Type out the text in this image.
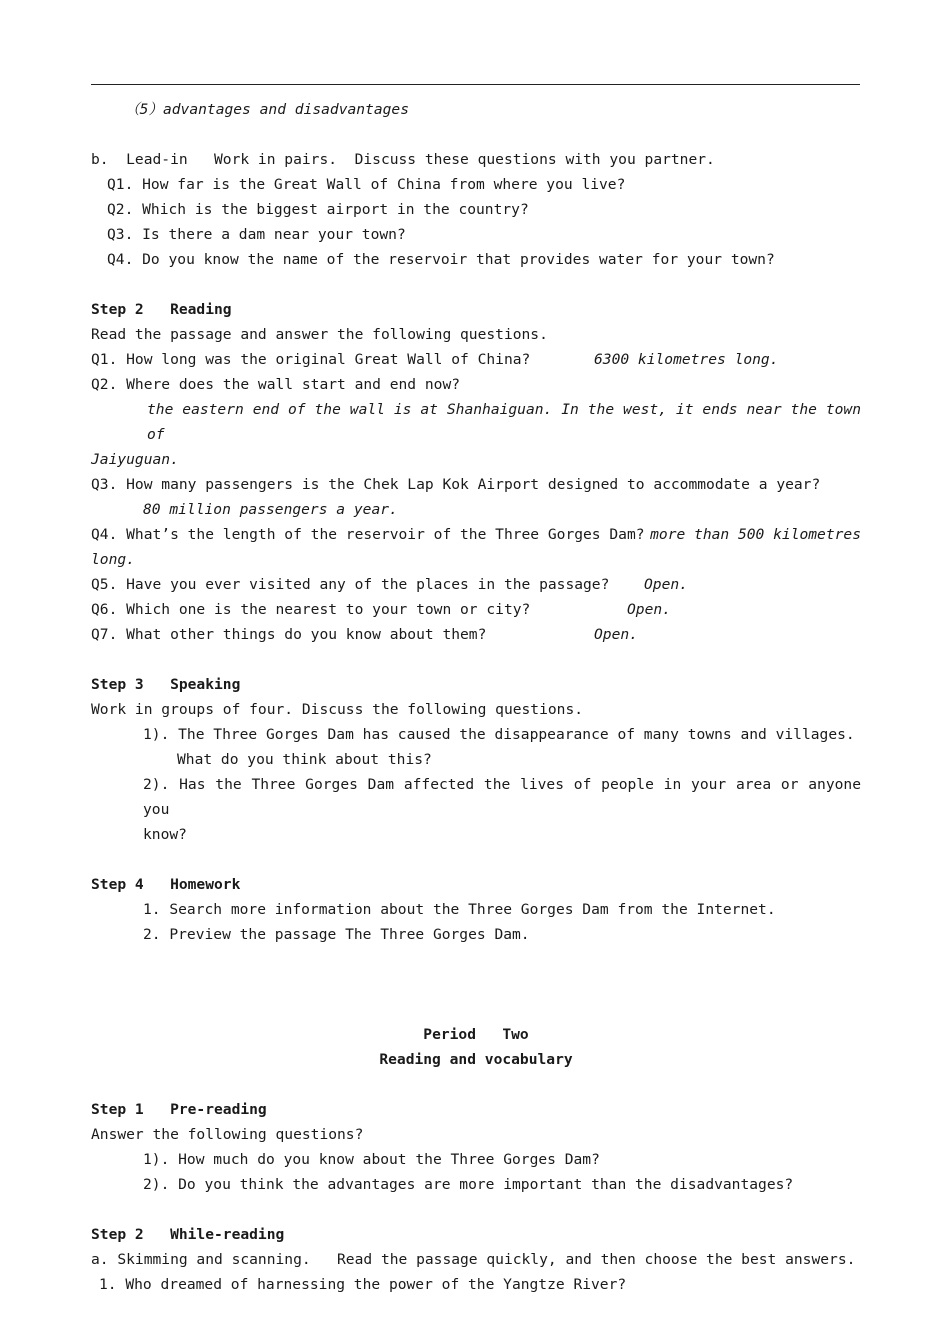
（5）advantages and disadvantages
b.  Lead-in   Work in pairs.  Discuss these questions with you partner.
Q1. How far is the Great Wall of China from where you live?
Q2. Which is the biggest airport in the country?
Q3. Is there a dam near your town?
Q4. Do you know the name of the reservoir that provides water for your town?
Step 2   Reading
Read the passage and answer the following questions.
Q1. How long was the original Great Wall of China?	6300 kilometres long.
Q2. Where does the wall start and end now?
the eastern end of the wall is at Shanhaiguan. In the west, it ends near the town of
Jaiyuguan.
Q3. How many passengers is the Chek Lap Kok Airport designed to accommodate a year?
80 million passengers a year.
Q4. What’s the length of the reservoir of the Three Gorges Dam? more than 500 kilometres
long.
Q5. Have you ever visited any of the places in the passage? Open.
Q6. Which one is the nearest to your town or city?	Open.
Q7. What other things do you know about them?	Open.
Step 3   Speaking
Work in groups of four. Discuss the following questions.
1). The Three Gorges Dam has caused the disappearance of many towns and villages.
What do you think about this?
2). Has the Three Gorges Dam affected the lives of people in your area or anyone you
know?
Step 4   Homework
1. Search more information about the Three Gorges Dam from the Internet.
2. Preview the passage The Three Gorges Dam.
Period   Two
Reading and vocabulary
Step 1   Pre-reading
Answer the following questions?
1). How much do you know about the Three Gorges Dam?
2). Do you think the advantages are more important than the disadvantages?
Step 2   While-reading
a. Skimming and scanning.   Read the passage quickly, and then choose the best answers.
1. Who dreamed of harnessing the power of the Yangtze River?
